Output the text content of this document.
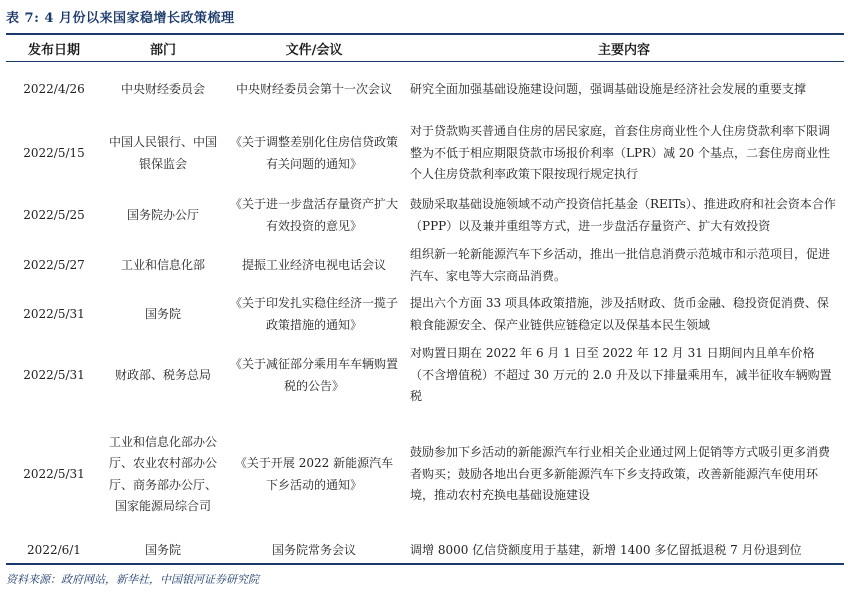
表 7: 4 月份以来国家稳增长政策梳理
发布日期	部门	文件/会议	主要内容
2022/4/26	中央财经委员会	中央财经委员会第十一次会议	研究全面加强基础设施建设问题，强调基础设施是经济社会发展的重要支撑
2022/5/15	中国人民银行、中国银保监会	《关于调整差别化住房信贷政策有关问题的通知》	对于贷款购买普通自住房的居民家庭，首套住房商业性个人住房贷款利率下限调整为不低于相应期限贷款市场报价利率（LPR）减 20 个基点，二套住房商业性个人住房贷款利率政策下限按现行规定执行
2022/5/25	国务院办公厅	《关于进一步盘活存量资产扩大有效投资的意见》	鼓励采取基础设施领域不动产投资信托基金（REITs）、推进政府和社会资本合作（PPP）以及兼并重组等方式，进一步盘活存量资产、扩大有效投资
2022/5/27	工业和信息化部	提振工业经济电视电话会议	组织新一轮新能源汽车下乡活动，推出一批信息消费示范城市和示范项目，促进汽车、家电等大宗商品消费。
2022/5/31	国务院	《关于印发扎实稳住经济一揽子政策措施的通知》	提出六个方面 33 项具体政策措施，涉及括财政、货币金融、稳投资促消费、保粮食能源安全、保产业链供应链稳定以及保基本民生领域
2022/5/31	财政部、税务总局	《关于减征部分乘用车车辆购置税的公告》	对购置日期在 2022 年 6 月 1 日至 2022 年 12 月 31 日期间内且单车价格（不含增值税）不超过 30 万元的 2.0 升及以下排量乘用车，减半征收车辆购置税
2022/5/31	工业和信息化部办公厅、农业农村部办公厅、商务部办公厅、国家能源局综合司	《关于开展 2022 新能源汽车下乡活动的通知》	鼓励参加下乡活动的新能源汽车行业相关企业通过网上促销等方式吸引更多消费者购买；鼓励各地出台更多新能源汽车下乡支持政策，改善新能源汽车使用环境，推动农村充换电基础设施建设
2022/6/1	国务院	国务院常务会议	调增 8000 亿信贷额度用于基建，新增 1400 多亿留抵退税 7 月份退到位
资料来源：政府网站，新华社，中国银河证券研究院
